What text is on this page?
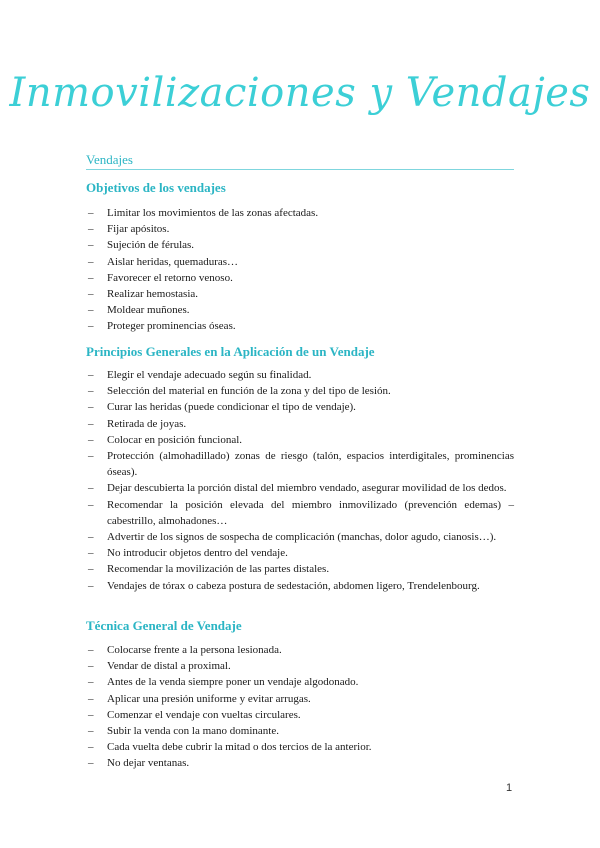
Inmovilizaciones y Vendajes
Vendajes
Objetivos de los vendajes
– Limitar los movimientos de las zonas afectadas.
– Fijar apósitos.
– Sujeción de férulas.
– Aislar heridas, quemaduras…
– Favorecer el retorno venoso.
– Realizar hemostasia.
– Moldear muñones.
– Proteger prominencias óseas.
Principios Generales en la Aplicación de un Vendaje
– Elegir el vendaje adecuado según su finalidad.
– Selección del material en función de la zona y del tipo de lesión.
– Curar las heridas (puede condicionar el tipo de vendaje).
– Retirada de joyas.
– Colocar en posición funcional.
– Protección (almohadillado) zonas de riesgo (talón, espacios interdigitales, prominencias óseas).
– Dejar descubierta la porción distal del miembro vendado, asegurar movilidad de los dedos.
– Recomendar la posición elevada del miembro inmovilizado (prevención edemas) – cabestrillo, almohadones…
– Advertir de los signos de sospecha de complicación (manchas, dolor agudo, cianosis…).
– No introducir objetos dentro del vendaje.
– Recomendar la movilización de las partes distales.
– Vendajes de tórax o cabeza postura de sedestación, abdomen ligero, Trendelenbourg.
Técnica General de Vendaje
– Colocarse frente a la persona lesionada.
– Vendar de distal a proximal.
– Antes de la venda siempre poner un vendaje algodonado.
– Aplicar una presión uniforme y evitar arrugas.
– Comenzar el vendaje con vueltas circulares.
– Subir la venda con la mano dominante.
– Cada vuelta debe cubrir la mitad o dos tercios de la anterior.
– No dejar ventanas.
1
